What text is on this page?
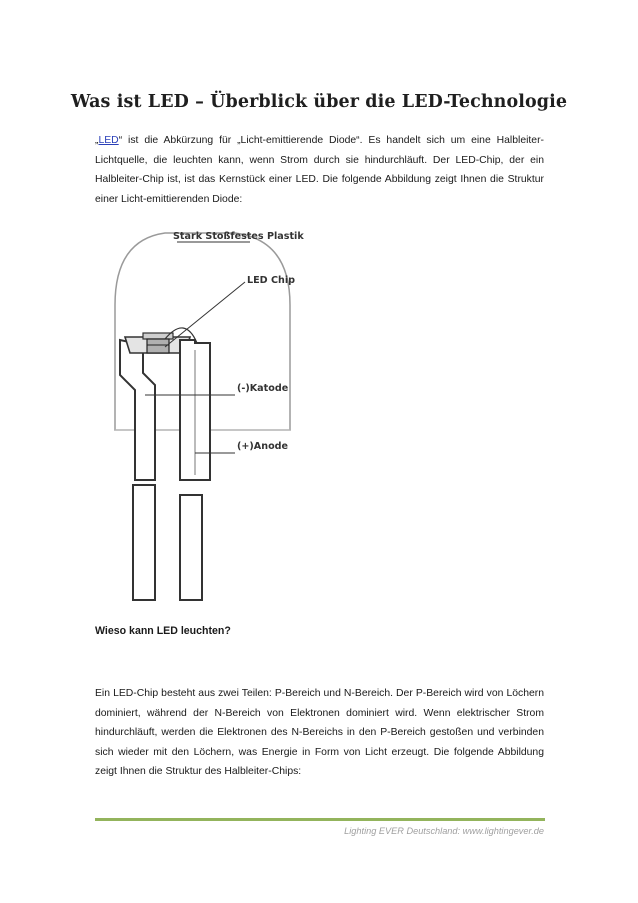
Was ist LED – Überblick über die LED-Technologie
„LED“ ist die Abkürzung für „Licht-emittierende Diode“. Es handelt sich um eine Halbleiter-Lichtquelle, die leuchten kann, wenn Strom durch sie hindurchläuft. Der LED-Chip, der ein Halbleiter-Chip ist, ist das Kernstück einer LED. Die folgende Abbildung zeigt Ihnen die Struktur einer Licht-emittierenden Diode:
Stark Stoßfestes Plastik
LED Chip
(-)Katode
(+)Anode
Wieso kann LED leuchten?
Ein LED-Chip besteht aus zwei Teilen: P-Bereich und N-Bereich. Der P-Bereich wird von Löchern dominiert, während der N-Bereich von Elektronen dominiert wird. Wenn elektrischer Strom hindurchläuft, werden die Elektronen des N-Bereichs in den P-Bereich gestoßen und verbinden sich wieder mit den Löchern, was Energie in Form von Licht erzeugt. Die folgende Abbildung zeigt Ihnen die Struktur des Halbleiter-Chips:
Lighting EVER Deutschland: www.lightingever.de
